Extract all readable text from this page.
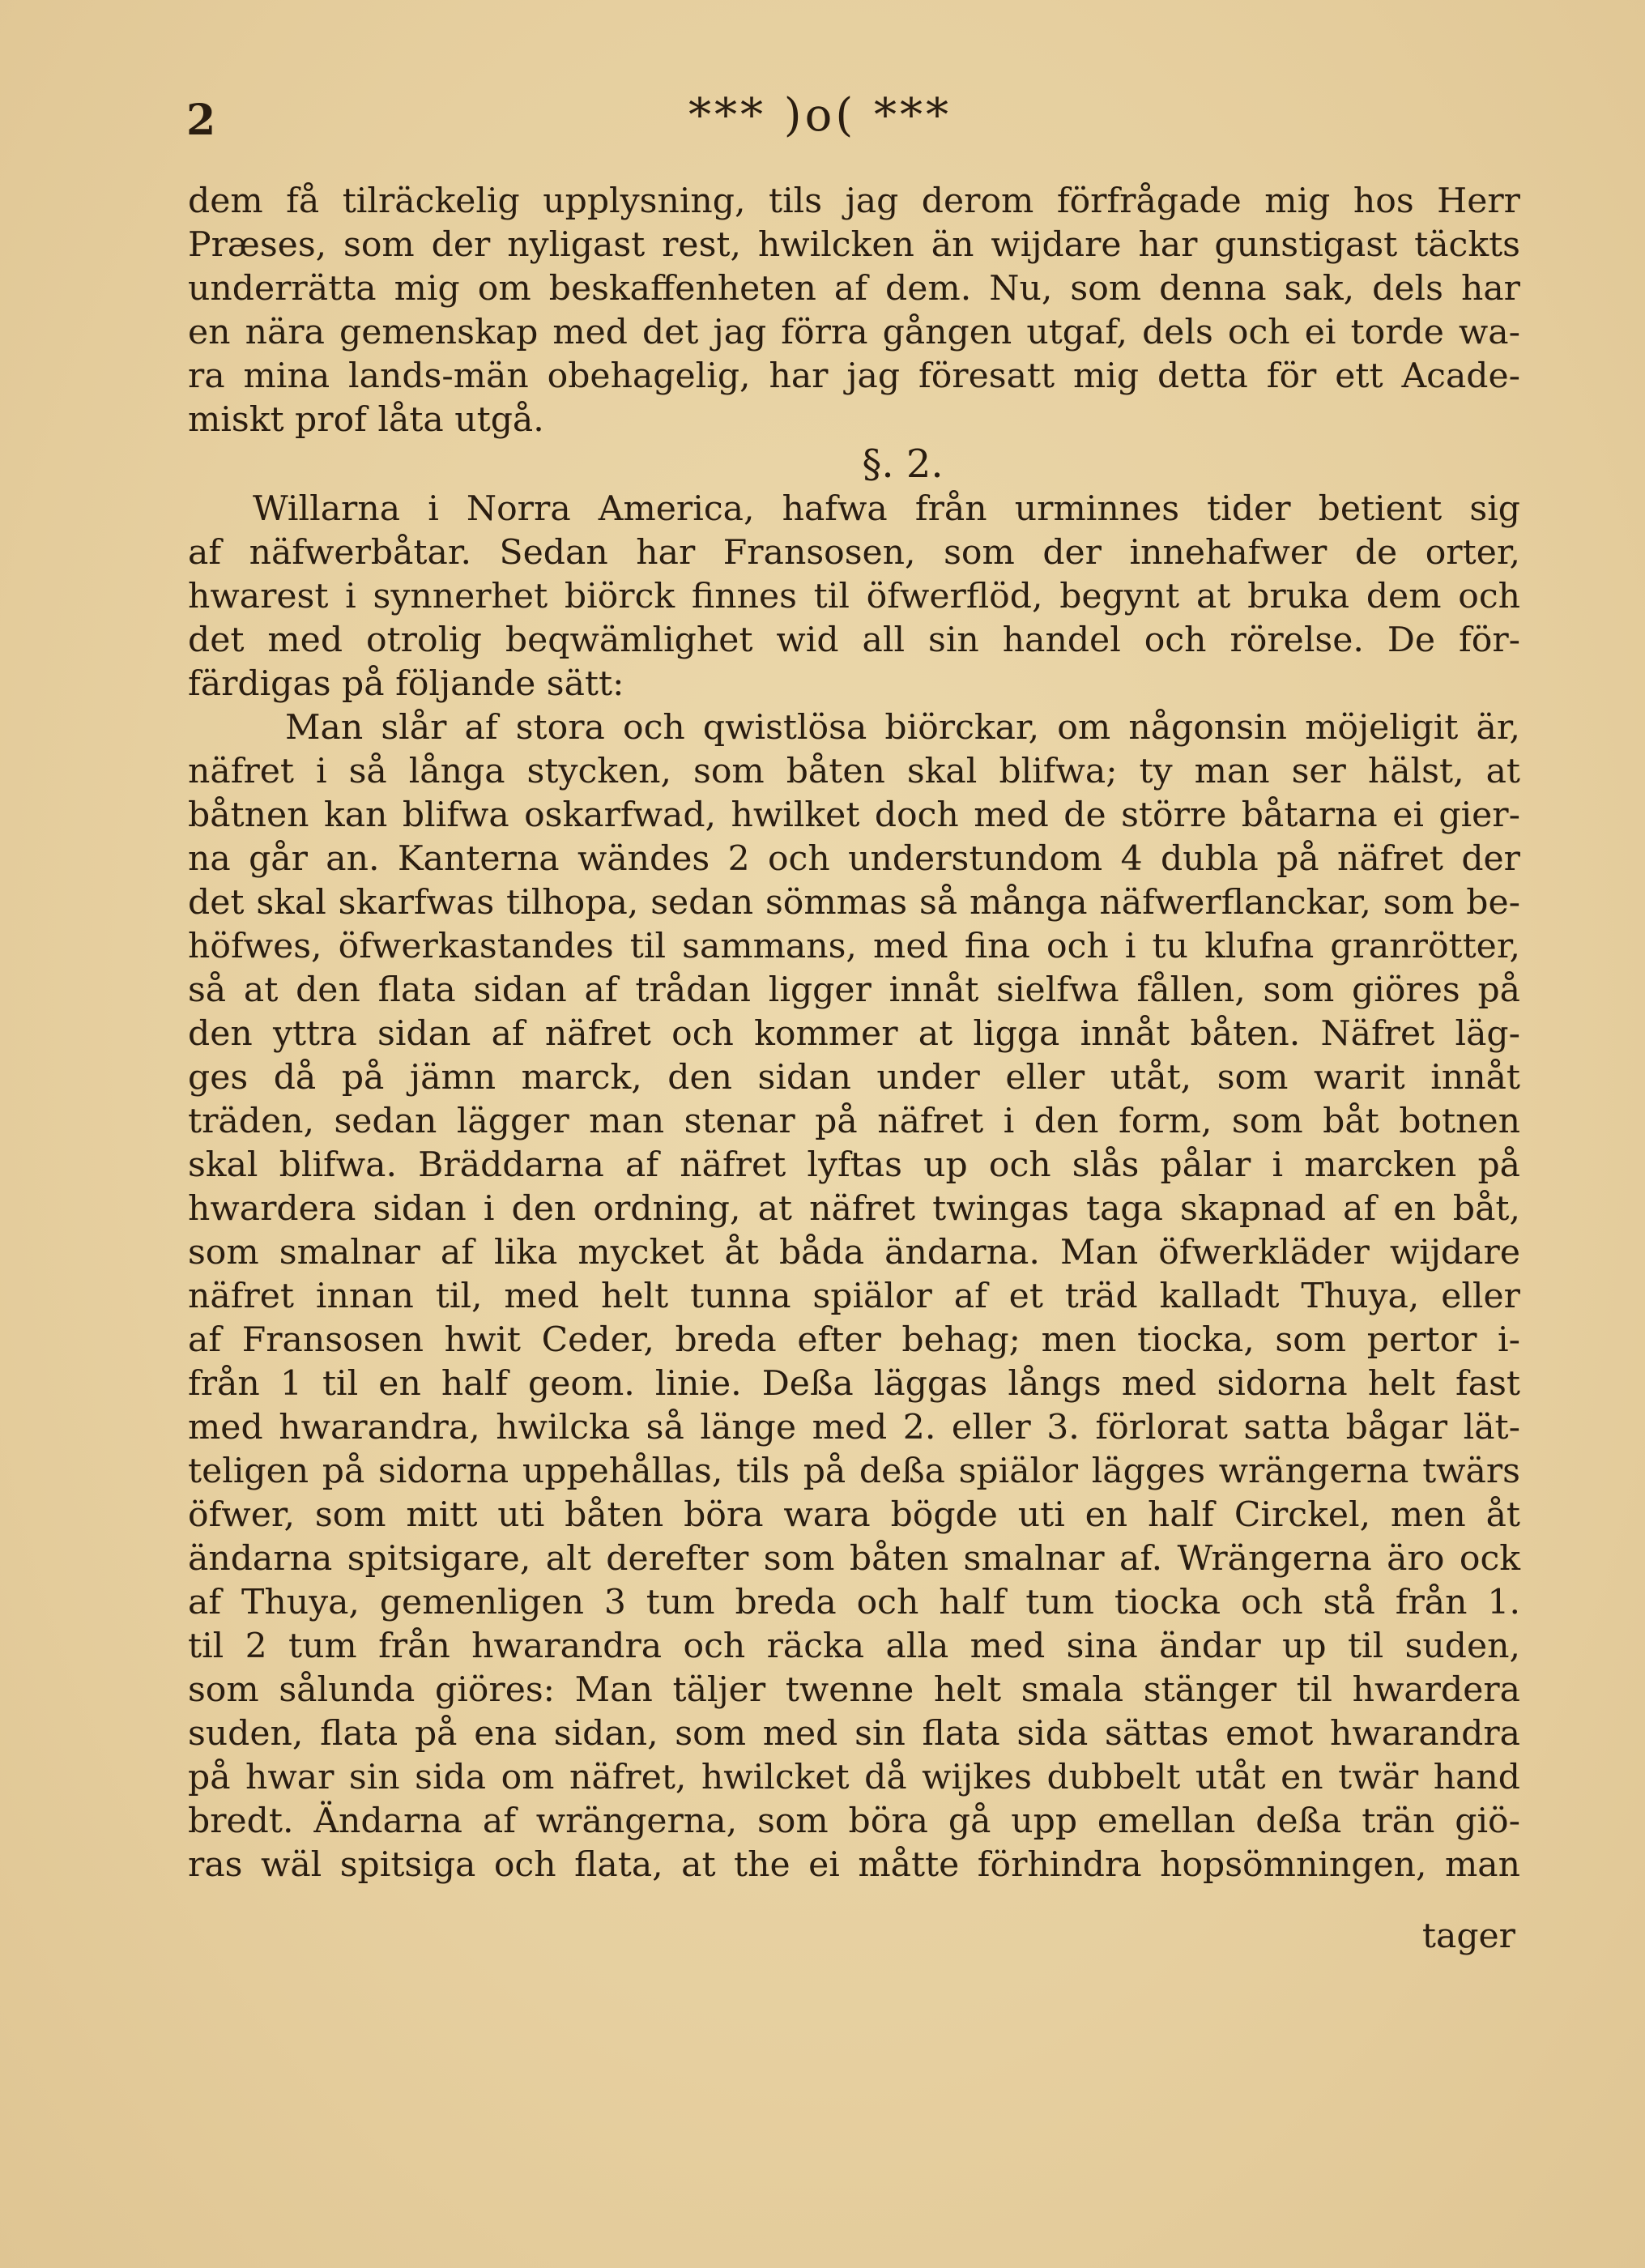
2	*** )o( ***
dem få tilräckelig upplysning, tils jag derom förfrågade mig hos Herr
Præses, som der nyligast rest, hwilcken än wijdare har gunstigast täckts
underrätta mig om beskaffenheten af dem. Nu, som denna sak, dels har
en nära gemenskap med det jag förra gången utgaf, dels och ei torde wa-
ra mina lands-män obehagelig, har jag föresatt mig detta för ett Acade-
miskt prof låta utgå.
§. 2.
Willarna i Norra America, hafwa från urminnes tider betient sig
af näfwerbåtar. Sedan har Fransosen, som der innehafwer de orter,
hwarest i synnerhet biörck finnes til öfwerflöd, begynt at bruka dem och
det med otrolig beqwämlighet wid all sin handel och rörelse. De för-
färdigas på följande sätt:
Man slår af stora och qwistlösa biörckar, om någonsin möjeligit är,
näfret i så långa stycken, som båten skal blifwa; ty man ser hälst, at
båtnen kan blifwa oskarfwad, hwilket doch med de större båtarna ei gier-
na går an. Kanterna wändes 2 och understundom 4 dubla på näfret der
det skal skarfwas tilhopa, sedan sömmas så många näfwerflanckar, som be-
höfwes, öfwerkastandes til sammans, med fina och i tu klufna granrötter,
så at den flata sidan af trådan ligger innåt sielfwa fållen, som giöres på
den yttra sidan af näfret och kommer at ligga innåt båten. Näfret läg-
ges då på jämn marck, den sidan under eller utåt, som warit innåt
träden, sedan lägger man stenar på näfret i den form, som båt botnen
skal blifwa. Bräddarna af näfret lyftas up och slås pålar i marcken på
hwardera sidan i den ordning, at näfret twingas taga skapnad af en båt,
som smalnar af lika mycket åt båda ändarna. Man öfwerkläder wijdare
näfret innan til, med helt tunna spiälor af et träd kalladt Thuya, eller
af Fransosen hwit Ceder, breda efter behag; men tiocka, som pertor i-
från 1 til en half geom. linie. Deßa läggas långs med sidorna helt fast
med hwarandra, hwilcka så länge med 2. eller 3. förlorat satta bågar lät-
teligen på sidorna uppehållas, tils på deßa spiälor lägges wrängerna twärs
öfwer, som mitt uti båten böra wara bögde uti en half Circkel, men åt
ändarna spitsigare, alt derefter som båten smalnar af. Wrängerna äro ock
af Thuya, gemenligen 3 tum breda och half tum tiocka och stå från 1.
til 2 tum från hwarandra och räcka alla med sina ändar up til suden,
som sålunda giöres: Man täljer twenne helt smala stänger til hwardera
suden, flata på ena sidan, som med sin flata sida sättas emot hwarandra
på hwar sin sida om näfret, hwilcket då wijkes dubbelt utåt en twär hand
bredt. Ändarna af wrängerna, som böra gå upp emellan deßa trän giö-
ras wäl spitsiga och flata, at the ei måtte förhindra hopsömningen, man
tager
